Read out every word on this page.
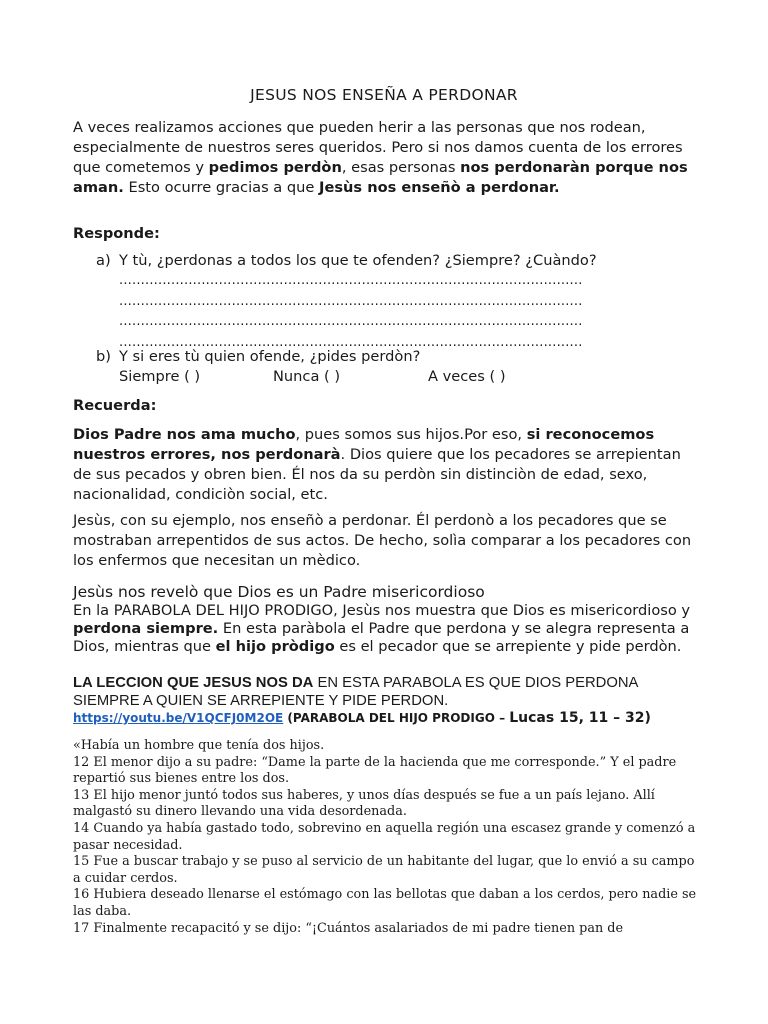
JESUS NOS ENSEÑA A PERDONAR
A veces realizamos acciones que pueden herir a las personas que nos rodean, especialmente de nuestros seres queridos. Pero si nos damos cuenta de los errores que cometemos y pedimos perdòn, esas personas nos perdonaràn porque nos aman. Esto ocurre gracias a que Jesùs nos enseñò a perdonar.
Responde:
a) Y tù, ¿perdonas a todos los que te ofenden? ¿Siempre? ¿Cuàndo?
...........................................................................................................
...........................................................................................................
...........................................................................................................
...........................................................................................................
b) Y si eres tù quien ofende, ¿pides perdòn?
Siempre ( )	Nunca ( )	A veces ( )
Recuerda:
Dios Padre nos ama mucho, pues somos sus hijos.Por eso, si reconocemos nuestros errores, nos perdonarà. Dios quiere que los pecadores se arrepientan de sus pecados y obren bien. Él nos da su perdòn sin distinciòn de edad, sexo, nacionalidad, condiciòn social, etc.
Jesùs, con su ejemplo, nos enseñò a perdonar. Él perdonò a los pecadores que se mostraban arrepentidos de sus actos. De hecho, solìa comparar a los pecadores con los enfermos que necesitan un mèdico.
Jesùs nos revelò que Dios es un Padre misericordioso
En la PARABOLA DEL HIJO PRODIGO, Jesùs nos muestra que Dios es misericordioso y perdona siempre. En esta paràbola el Padre que perdona y se alegra representa a Dios, mientras que el hijo pròdigo es el pecador que se arrepiente y pide perdòn.
LA LECCION QUE JESUS NOS DA EN ESTA PARABOLA ES QUE DIOS PERDONA SIEMPRE A QUIEN SE ARREPIENTE Y PIDE PERDON.
https://youtu.be/V1QCFJ0M2OE (PARABOLA DEL HIJO PRODIGO – Lucas 15, 11 – 32)
«Había un hombre que tenía dos hijos.
12 El menor dijo a su padre: “Dame la parte de la hacienda que me corresponde.” Y el padre repartió sus bienes entre los dos.
13 El hijo menor juntó todos sus haberes, y unos días después se fue a un país lejano. Allí malgastó su dinero llevando una vida desordenada.
14 Cuando ya había gastado todo, sobrevino en aquella región una escasez grande y comenzó a pasar necesidad.
15 Fue a buscar trabajo y se puso al servicio de un habitante del lugar, que lo envió a su campo a cuidar cerdos.
16 Hubiera deseado llenarse el estómago con las bellotas que daban a los cerdos, pero nadie se las daba.
17 Finalmente recapacitó y se dijo: “¡Cuántos asalariados de mi padre tienen pan de
